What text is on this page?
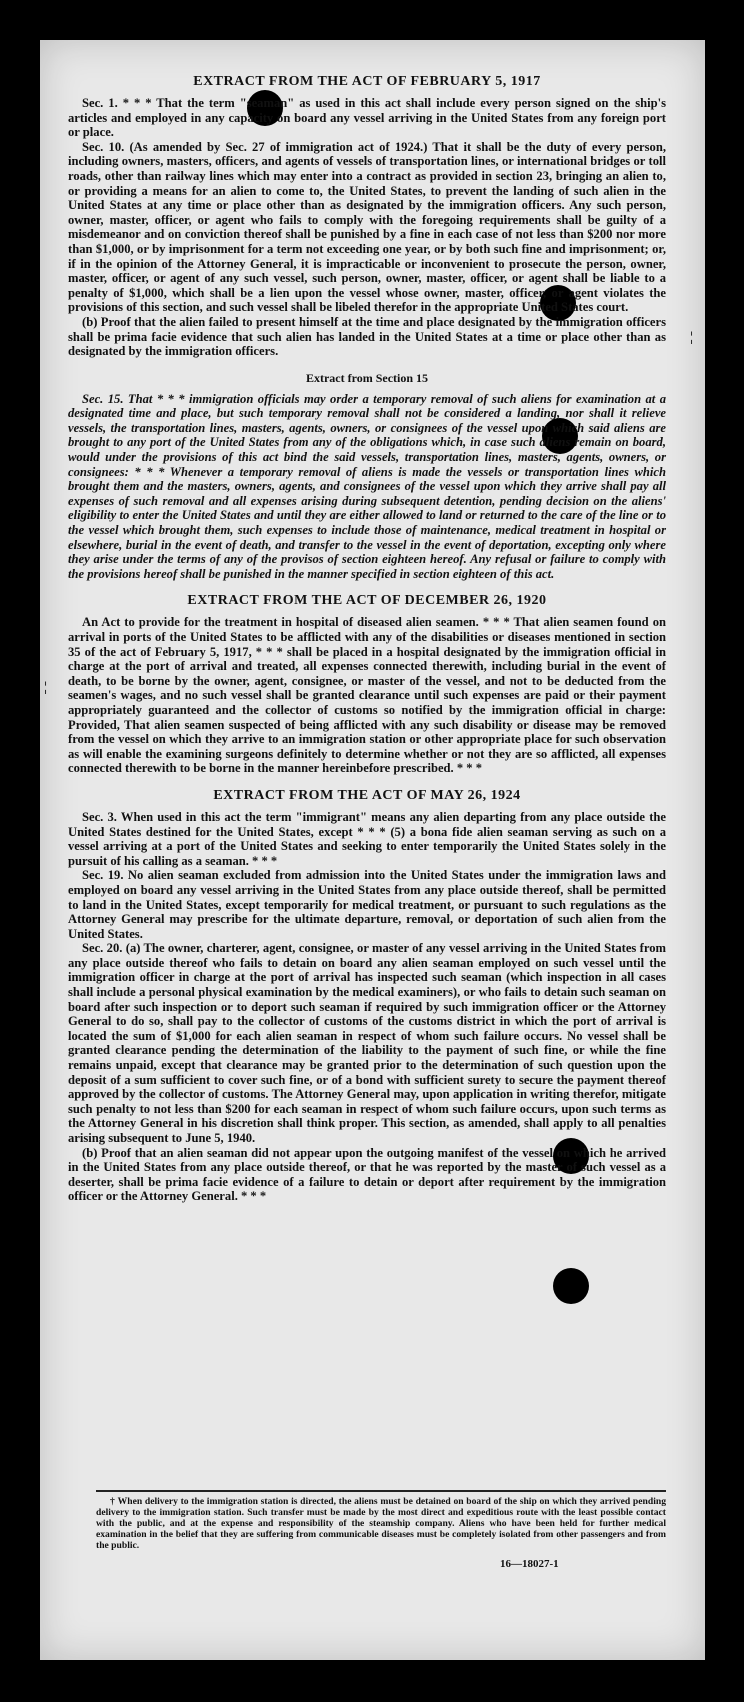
¦
¦
EXTRACT FROM THE ACT OF FEBRUARY 5, 1917

Sec. 1. * * * That the term "seaman" as used in this act shall include every person signed on the ship's articles and employed in any capacity on board any vessel arriving in the United States from any foreign port or place.

Sec. 10. (As amended by Sec. 27 of immigration act of 1924.) That it shall be the duty of every person, including owners, masters, officers, and agents of vessels of transportation lines, or international bridges or toll roads, other than railway lines which may enter into a contract as provided in section 23, bringing an alien to, or providing a means for an alien to come to, the United States, to prevent the landing of such alien in the United States at any time or place other than as designated by the immigration officers. Any such person, owner, master, officer, or agent who fails to comply with the foregoing requirements shall be guilty of a misdemeanor and on conviction thereof shall be punished by a fine in each case of not less than $200 nor more than $1,000, or by imprisonment for a term not exceeding one year, or by both such fine and imprisonment; or, if in the opinion of the Attorney General, it is impracticable or inconvenient to prosecute the person, owner, master, officer, or agent of any such vessel, such person, owner, master, officer, or agent shall be liable to a penalty of $1,000, which shall be a lien upon the vessel whose owner, master, officer, or agent violates the provisions of this section, and such vessel shall be libeled therefor in the appropriate United States court.

(b) Proof that the alien failed to present himself at the time and place designated by the immigration officers shall be prima facie evidence that such alien has landed in the United States at a time or place other than as designated by the immigration officers.

Extract from Section 15

Sec. 15. That * * * immigration officials may order a temporary removal of such aliens for examination at a designated time and place, but such temporary removal shall not be considered a landing, nor shall it relieve vessels, the transportation lines, masters, agents, owners, or consignees of the vessel upon which said aliens are brought to any port of the United States from any of the obligations which, in case such aliens remain on board, would under the provisions of this act bind the said vessels, transportation lines, masters, agents, owners, or consignees: * * * Whenever a temporary removal of aliens is made the vessels or transportation lines which brought them and the masters, owners, agents, and consignees of the vessel upon which they arrive shall pay all expenses of such removal and all expenses arising during subsequent detention, pending decision on the aliens' eligibility to enter the United States and until they are either allowed to land or returned to the care of the line or to the vessel which brought them, such expenses to include those of maintenance, medical treatment in hospital or elsewhere, burial in the event of death, and transfer to the vessel in the event of deportation, excepting only where they arise under the terms of any of the provisos of section eighteen hereof. Any refusal or failure to comply with the provisions hereof shall be punished in the manner specified in section eighteen of this act.

EXTRACT FROM THE ACT OF DECEMBER 26, 1920

An Act to provide for the treatment in hospital of diseased alien seamen. * * * That alien seamen found on arrival in ports of the United States to be afflicted with any of the disabilities or diseases mentioned in section 35 of the act of February 5, 1917, * * * shall be placed in a hospital designated by the immigration official in charge at the port of arrival and treated, all expenses connected therewith, including burial in the event of death, to be borne by the owner, agent, consignee, or master of the vessel, and not to be deducted from the seamen's wages, and no such vessel shall be granted clearance until such expenses are paid or their payment appropriately guaranteed and the collector of customs so notified by the immigration official in charge: Provided, That alien seamen suspected of being afflicted with any such disability or disease may be removed from the vessel on which they arrive to an immigration station or other appropriate place for such observation as will enable the examining surgeons definitely to determine whether or not they are so afflicted, all expenses connected therewith to be borne in the manner hereinbefore prescribed. * * *

EXTRACT FROM THE ACT OF MAY 26, 1924

Sec. 3. When used in this act the term "immigrant" means any alien departing from any place outside the United States destined for the United States, except * * * (5) a bona fide alien seaman serving as such on a vessel arriving at a port of the United States and seeking to enter temporarily the United States solely in the pursuit of his calling as a seaman. * * *

Sec. 19. No alien seaman excluded from admission into the United States under the immigration laws and employed on board any vessel arriving in the United States from any place outside thereof, shall be permitted to land in the United States, except temporarily for medical treatment, or pursuant to such regulations as the Attorney General may prescribe for the ultimate departure, removal, or deportation of such alien from the United States.

Sec. 20. (a) The owner, charterer, agent, consignee, or master of any vessel arriving in the United States from any place outside thereof who fails to detain on board any alien seaman employed on such vessel until the immigration officer in charge at the port of arrival has inspected such seaman (which inspection in all cases shall include a personal physical examination by the medical examiners), or who fails to detain such seaman on board after such inspection or to deport such seaman if required by such immigration officer or the Attorney General to do so, shall pay to the collector of customs of the customs district in which the port of arrival is located the sum of $1,000 for each alien seaman in respect of whom such failure occurs. No vessel shall be granted clearance pending the determination of the liability to the payment of such fine, or while the fine remains unpaid, except that clearance may be granted prior to the determination of such question upon the deposit of a sum sufficient to cover such fine, or of a bond with sufficient surety to secure the payment thereof approved by the collector of customs. The Attorney General may, upon application in writing therefor, mitigate such penalty to not less than $200 for each seaman in respect of whom such failure occurs, upon such terms as the Attorney General in his discretion shall think proper. This section, as amended, shall apply to all penalties arising subsequent to June 5, 1940.

(b) Proof that an alien seaman did not appear upon the outgoing manifest of the vessel on which he arrived in the United States from any place outside thereof, or that he was reported by the master of such vessel as a deserter, shall be prima facie evidence of a failure to detain or deport after requirement by the immigration officer or the Attorney General. * * *

† When delivery to the immigration station is directed, the aliens must be detained on board of the ship on which they arrived pending delivery to the immigration station. Such transfer must be made by the most direct and expeditious route with the least possible contact with the public, and at the expense and responsibility of the steamship company. Aliens who have been held for further medical examination in the belief that they are suffering from communicable diseases must be completely isolated from other passengers and from the public.

16—18027-1
